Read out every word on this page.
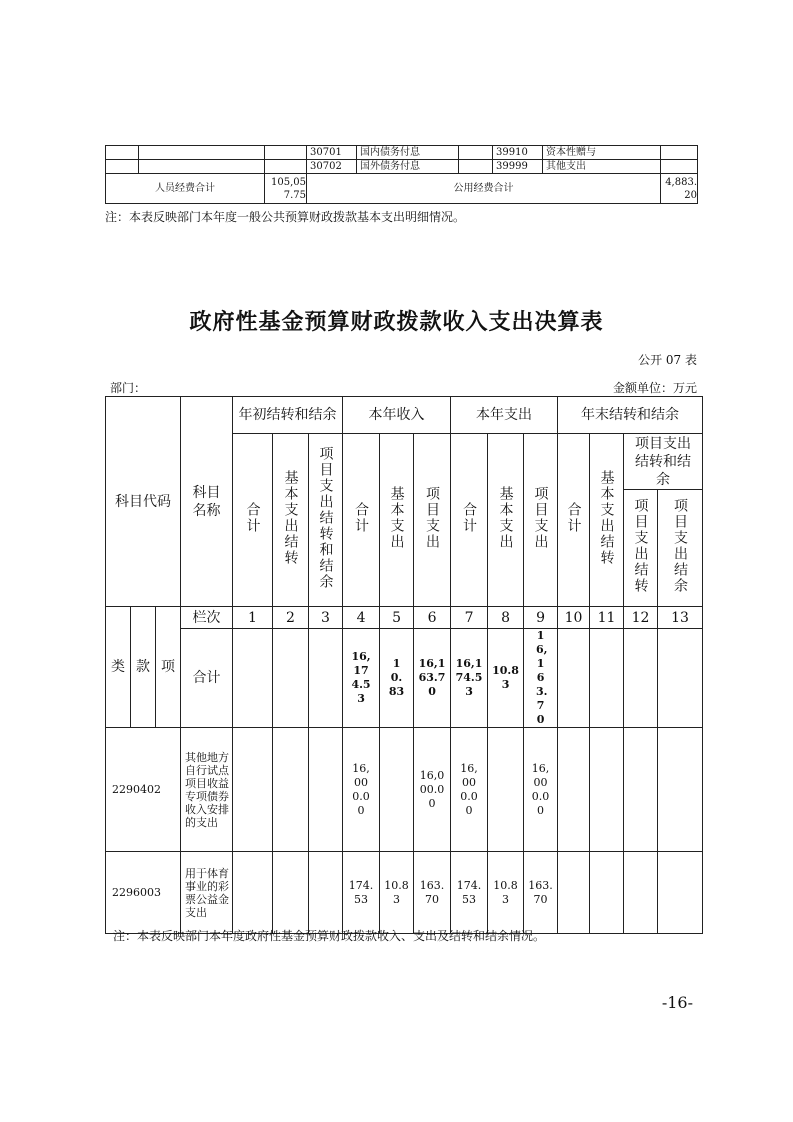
			30701	国内债务付息		39910	资本性赠与	
			30702	国外债务付息		39999	其他支出	
人员经费合计		105,057.75	公用经费合计					4,883.20
注：本表反映部门本年度一般公共预算财政拨款基本支出明细情况。
政府性基金预算财政拨款收入支出决算表
公开 07 表
部门：	金额单位：万元
科目代码			科目名称	年初结转和结余			本年收入			本年支出			年末结转和结余			
				合计	基本支出结转	项目支出结转和结余	合计	基本支出	项目支出	合计	基本支出	项目支出	合计	基本支出结转	项目支出结转和结余	
															项目支出结转	项目支出结余
类	款	项	栏次	1	2	3	4	5	6	7	8	9	10	11	12	13
			合计				16,174.53	10.83	16,163.70	16,174.53	10.83	16,163.70				
2290402			其他地方自行试点项目收益专项债券收入安排的支出				16,000.00		16,000.00	16,000.00		16,000.00				
2296003			用于体育事业的彩票公益金支出				174.53	10.83	163.70	174.53	10.83	163.70				
注：本表反映部门本年度政府性基金预算财政拨款收入、支出及结转和结余情况。
-16-
